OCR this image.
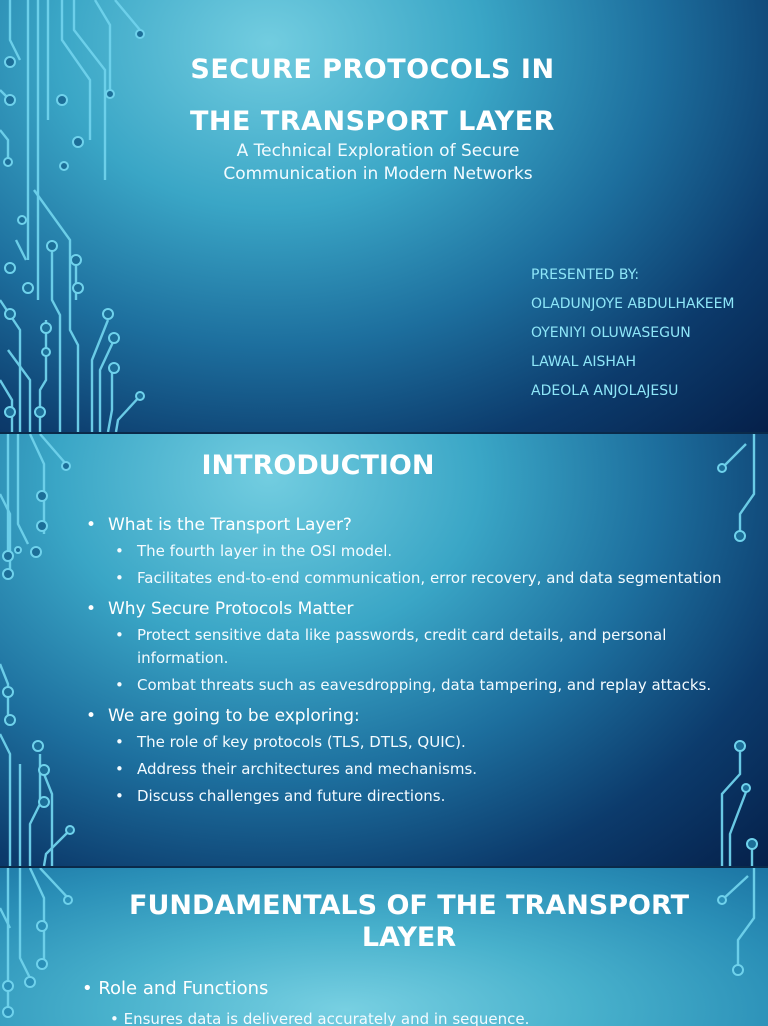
SECURE PROTOCOLS IN
THE TRANSPORT LAYER
A Technical Exploration of Secure
Communication in Modern Networks
PRESENTED BY:
OLADUNJOYE ABDULHAKEEM
OYENIYI OLUWASEGUN
LAWAL AISHAH
ADEOLA ANJOLAJESU
INTRODUCTION
• What is the Transport Layer?
• The fourth layer in the OSI model.
• Facilitates end-to-end communication, error recovery, and data segmentation
• Why Secure Protocols Matter
• Protect sensitive data like passwords, credit card details, and personal information.
• Combat threats such as eavesdropping, data tampering, and replay attacks.
• We are going to be exploring:
• The role of key protocols (TLS, DTLS, QUIC).
• Address their architectures and mechanisms.
• Discuss challenges and future directions.
FUNDAMENTALS OF THE TRANSPORT LAYER
• Role and Functions
• Ensures data is delivered accurately and in sequence.
